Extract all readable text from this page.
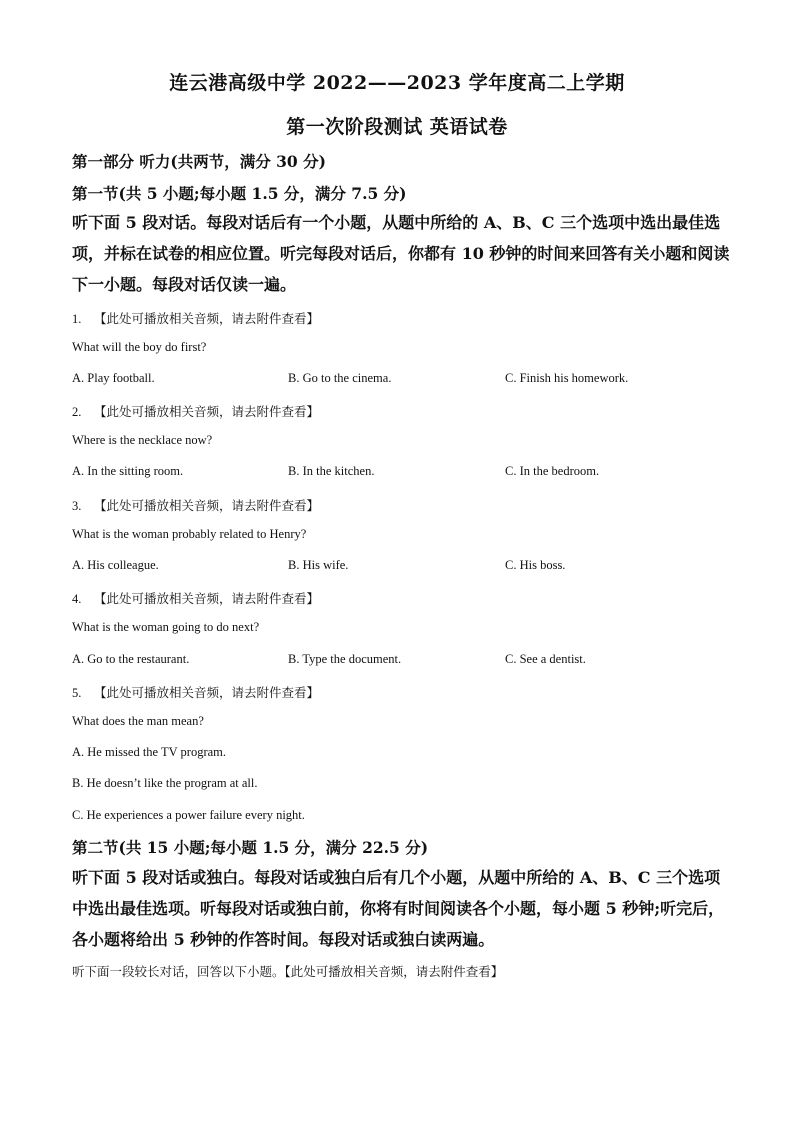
连云港高级中学 2022——2023 学年度高二上学期
第一次阶段测试 英语试卷
第一部分 听力(共两节，满分 30 分)
第一节(共 5 小题;每小题 1.5 分，满分 7.5 分)
听下面 5 段对话。每段对话后有一个小题，从题中所给的 A、B、C 三个选项中选出最佳选项，并标在试卷的相应位置。听完每段对话后，你都有 10 秒钟的时间来回答有关小题和阅读下一小题。每段对话仅读一遍。
1. 【此处可播放相关音频，请去附件查看】
What will the boy do first?
A. Play football.	B. Go to the cinema.	C. Finish his homework.
2. 【此处可播放相关音频，请去附件查看】
Where is the necklace now?
A. In the sitting room.	B. In the kitchen.	C. In the bedroom.
3. 【此处可播放相关音频，请去附件查看】
What is the woman probably related to Henry?
A. His colleague.	B. His wife.	C. His boss.
4. 【此处可播放相关音频，请去附件查看】
What is the woman going to do next?
A. Go to the restaurant.	B. Type the document.	C. See a dentist.
5. 【此处可播放相关音频，请去附件查看】
What does the man mean?
A. He missed the TV program.
B. He doesn’t like the program at all.
C. He experiences a power failure every night.
第二节(共 15 小题;每小题 1.5 分，满分 22.5 分)
听下面 5 段对话或独白。每段对话或独白后有几个小题，从题中所给的 A、B、C 三个选项中选出最佳选项。听每段对话或独白前，你将有时间阅读各个小题，每小题 5 秒钟;听完后，各小题将给出 5 秒钟的作答时间。每段对话或独白读两遍。
听下面一段较长对话，回答以下小题。【此处可播放相关音频，请去附件查看】
